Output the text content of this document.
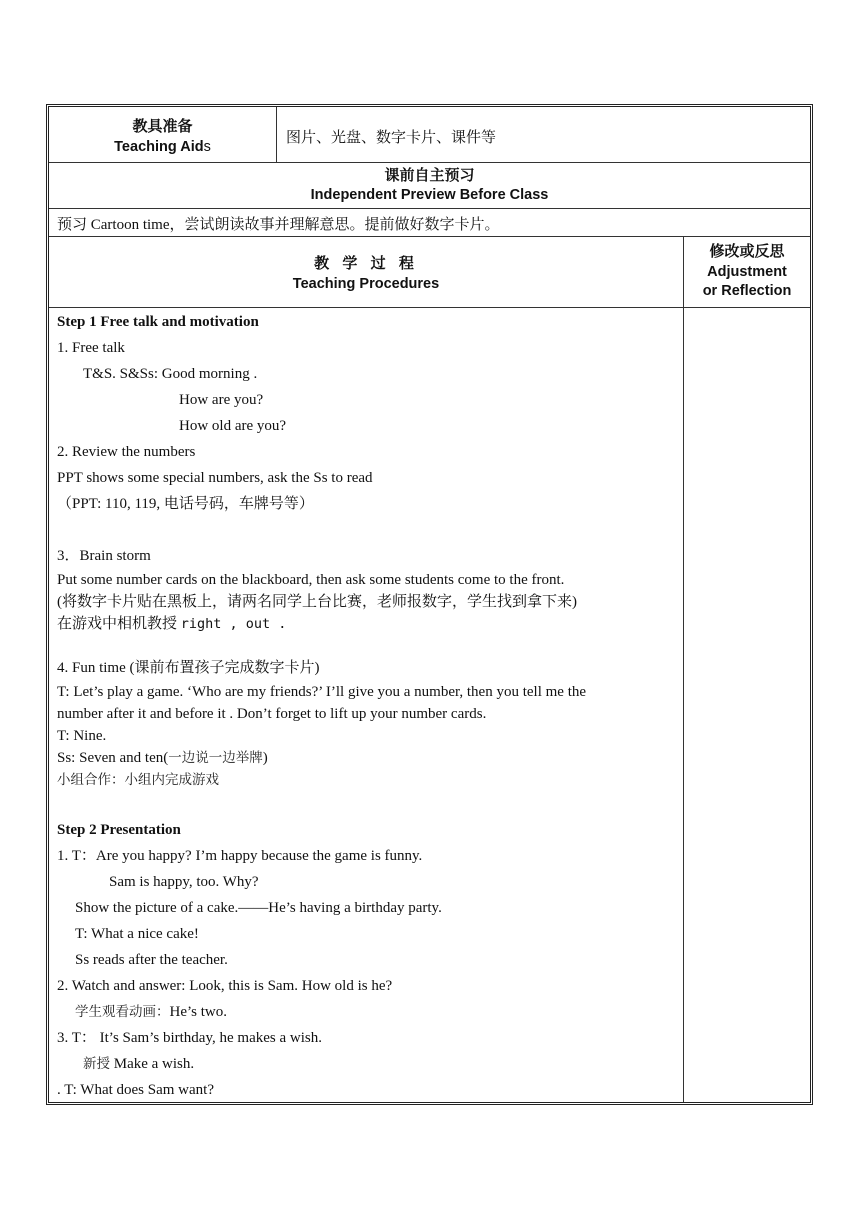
教具准备
Teaching Aids
图片、光盘、数字卡片、课件等
课前自主预习
Independent Preview Before Class
预习 Cartoon time，尝试朗读故事并理解意思。提前做好数字卡片。
教 学 过 程
Teaching Procedures
修改或反思
Adjustment
or Reflection
Step 1 Free talk and motivation
1. Free talk
T&S. S&Ss: Good morning .
How are you?
How old are you?
2. Review the numbers
PPT shows some special numbers, ask the Ss to read
（PPT: 110, 119, 电话号码，车牌号等）
3．Brain storm
Put some number cards on the blackboard, then ask some students come to the front.
(将数字卡片贴在黑板上，请两名同学上台比赛，老师报数字，学生找到拿下来)
在游戏中相机教授 right , out .
4. Fun time (课前布置孩子完成数字卡片)
T: Let’s play a game. ‘Who are my friends?’ I’ll give you a number, then you tell me the
number after it and before it . Don’t forget to lift up your number cards.
T: Nine.
Ss: Seven and ten(一边说一边举牌)
小组合作：小组内完成游戏
Step 2 Presentation
1. T：Are you happy? I’m happy because the game is funny.
Sam is happy, too. Why?
Show the picture of a cake.——He’s having a birthday party.
T: What a nice cake!
Ss reads after the teacher.
2. Watch and answer: Look, this is Sam. How old is he?
学生观看动画：He’s two.
3. T： It’s Sam’s birthday, he makes a wish.
新授 Make a wish.
. T: What does Sam want?
